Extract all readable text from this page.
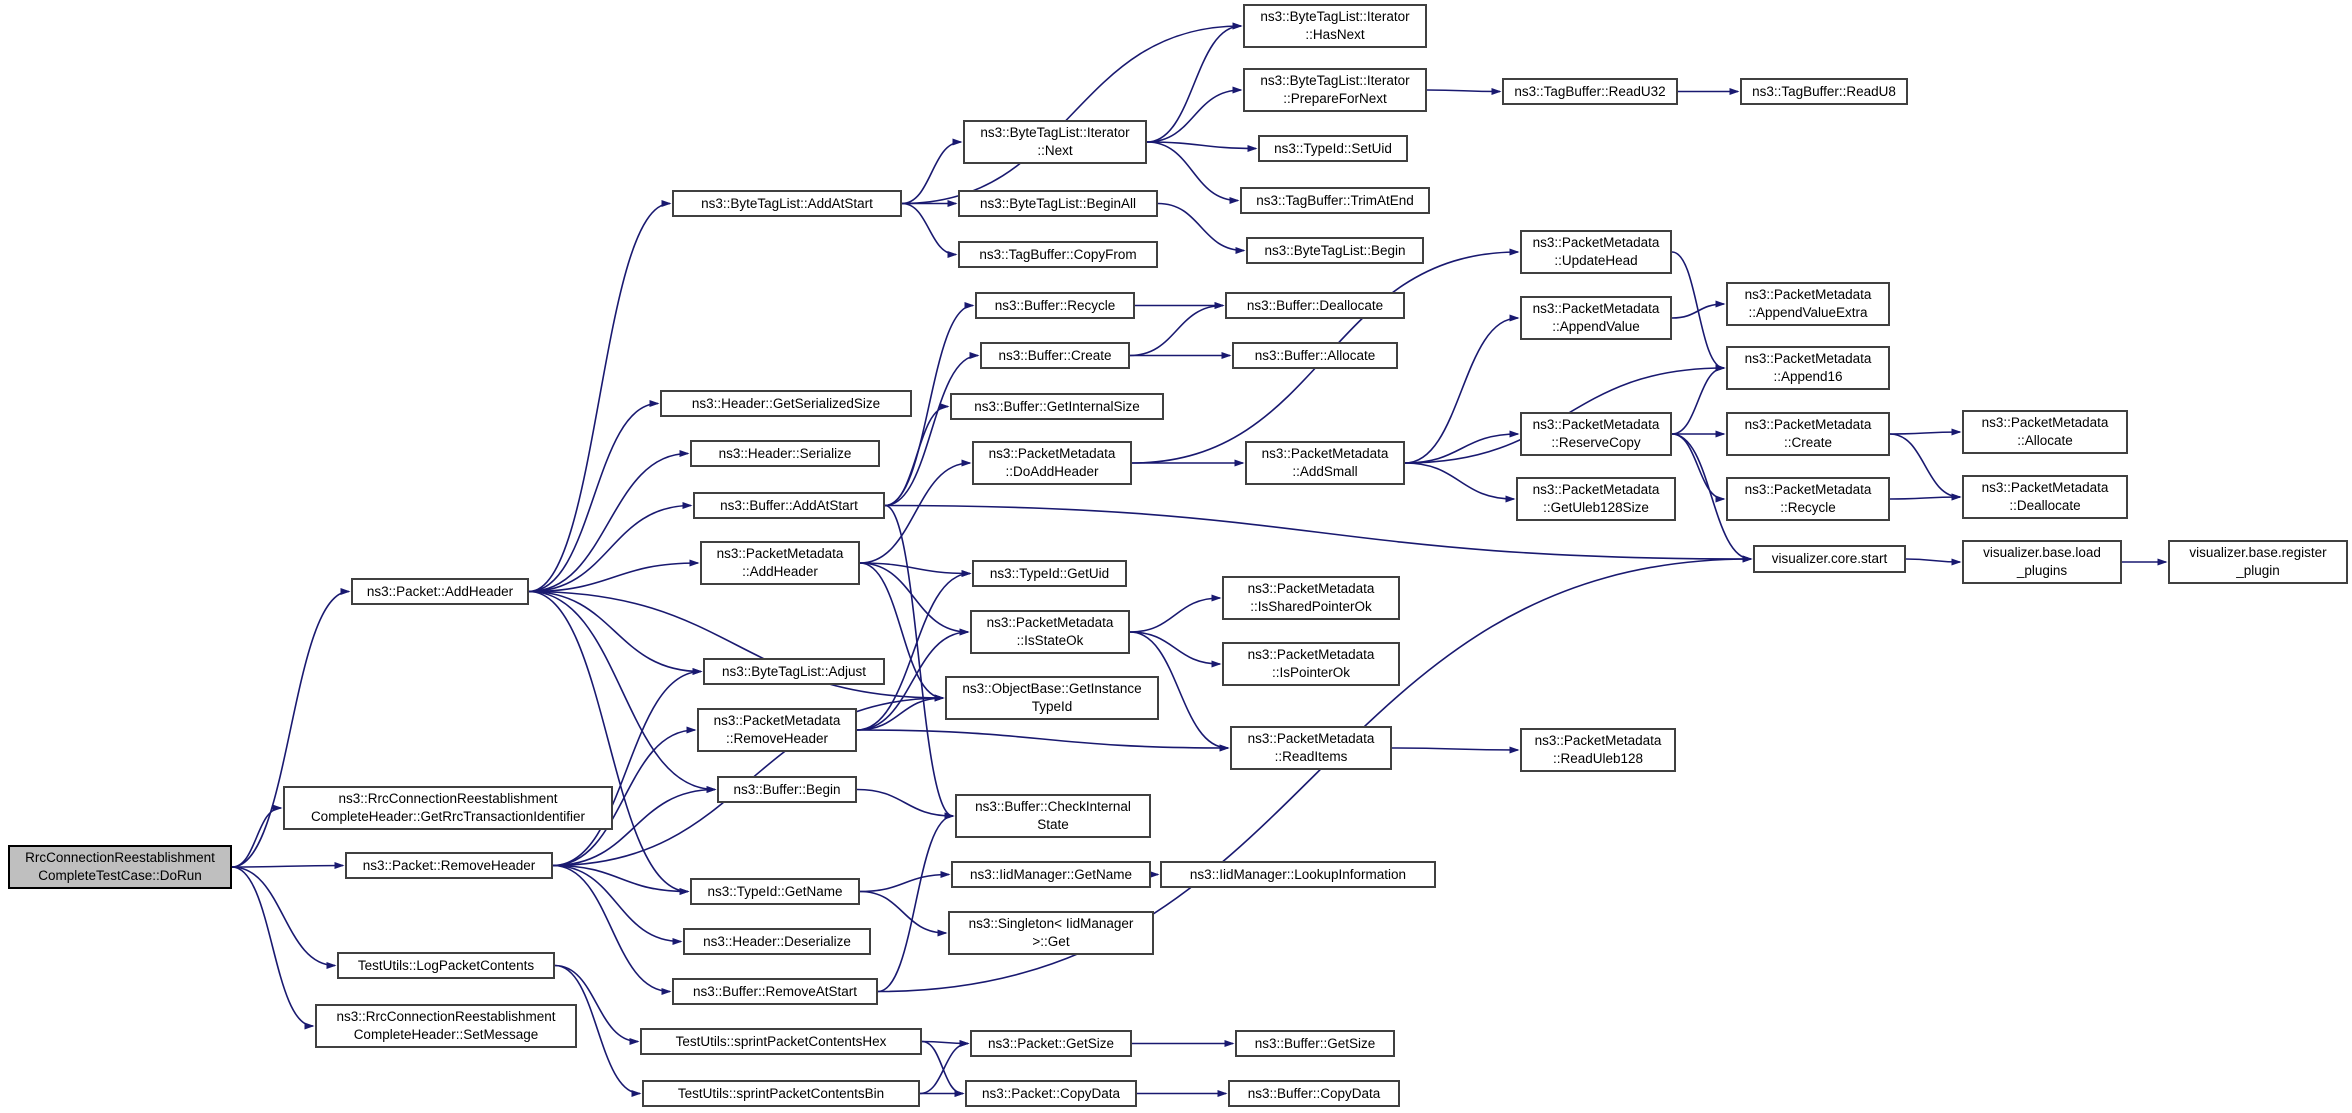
RrcConnectionReestablishment
CompleteTestCase::DoRun
ns3::RrcConnectionReestablishment
CompleteHeader::GetRrcTransactionIdentifier
ns3::Packet::RemoveHeader
TestUtils::LogPacketContents
ns3::RrcConnectionReestablishment
CompleteHeader::SetMessage
ns3::Packet::AddHeader
ns3::ByteTagList::AddAtStart
ns3::Header::GetSerializedSize
ns3::Header::Serialize
ns3::Buffer::AddAtStart
ns3::PacketMetadata
::AddHeader
ns3::ByteTagList::Adjust
ns3::PacketMetadata
::RemoveHeader
ns3::Buffer::Begin
ns3::TypeId::GetName
ns3::Header::Deserialize
ns3::Buffer::RemoveAtStart
TestUtils::sprintPacketContentsHex
TestUtils::sprintPacketContentsBin
ns3::ByteTagList::Iterator
::Next
ns3::ByteTagList::BeginAll
ns3::TagBuffer::CopyFrom
ns3::Buffer::Recycle
ns3::Buffer::Create
ns3::Buffer::GetInternalSize
ns3::PacketMetadata
::DoAddHeader
ns3::TypeId::GetUid
ns3::PacketMetadata
::IsStateOk
ns3::ObjectBase::GetInstance
TypeId
ns3::Buffer::CheckInternal
State
ns3::IidManager::GetName
ns3::Singleton< IidManager
>::Get
ns3::Packet::GetSize
ns3::Packet::CopyData
ns3::ByteTagList::Iterator
::HasNext
ns3::ByteTagList::Iterator
::PrepareForNext
ns3::TypeId::SetUid
ns3::TagBuffer::TrimAtEnd
ns3::ByteTagList::Begin
ns3::Buffer::Deallocate
ns3::Buffer::Allocate
ns3::PacketMetadata
::AddSmall
ns3::PacketMetadata
::IsSharedPointerOk
ns3::PacketMetadata
::IsPointerOk
ns3::PacketMetadata
::ReadItems
ns3::IidManager::LookupInformation
ns3::Buffer::GetSize
ns3::Buffer::CopyData
ns3::TagBuffer::ReadU32	ns3::TagBuffer::ReadU8
ns3::PacketMetadata
::UpdateHead
ns3::PacketMetadata
::AppendValue
ns3::PacketMetadata
::ReserveCopy
ns3::PacketMetadata
::GetUleb128Size
ns3::PacketMetadata
::ReadUleb128
visualizer.core.start
ns3::PacketMetadata
::AppendValueExtra
ns3::PacketMetadata
::Append16
ns3::PacketMetadata
::Create
ns3::PacketMetadata
::Recycle
visualizer.base.load
_plugins
ns3::PacketMetadata
::Allocate
ns3::PacketMetadata
::Deallocate
visualizer.base.register
_plugin
